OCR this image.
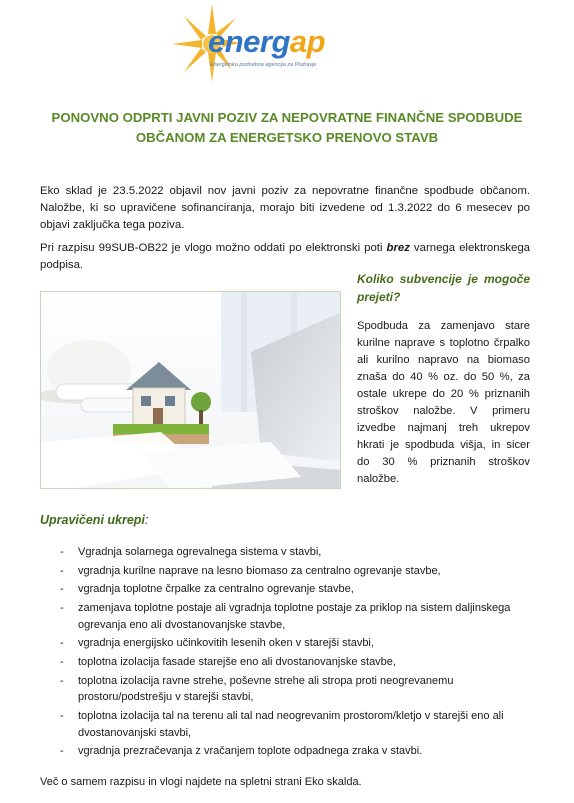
energap
Energetska podnebna agencija za Podravje
PONOVNO ODPRTI JAVNI POZIV ZA NEPOVRATNE FINANČNE SPODBUDE
OBČANOM ZA ENERGETSKO PRENOVO STAVB
Eko sklad je 23.5.2022 objavil nov javni poziv za nepovratne finančne spodbude občanom. Naložbe, ki so upravičene sofinanciranja, morajo biti izvedene od 1.3.2022 do 6 mesecev po objavi zaključka tega poziva.
Pri razpisu 99SUB-OB22 je vlogo možno oddati po elektronski poti brez varnega elektronskega podpisa.
Koliko subvencije je mogoče prejeti?
Spodbuda za zamenjavo stare kurilne naprave s toplotno črpalko ali kurilno napravo na biomaso znaša do 40 % oz. do 50 %, za ostale ukrepe do 20 % priznanih stroškov naložbe. V primeru izvedbe najmanj treh ukrepov hkrati je spodbuda višja, in sicer do 30 % priznanih stroškov naložbe.
Upravičeni ukrepi:
- Vgradnja solarnega ogrevalnega sistema v stavbi,
- vgradnja kurilne naprave na lesno biomaso za centralno ogrevanje stavbe,
- vgradnja toplotne črpalke za centralno ogrevanje stavbe,
- zamenjava toplotne postaje ali vgradnja toplotne postaje za priklop na sistem daljinskega ogrevanja eno ali dvostanovanjske stavbe,
- vgradnja energijsko učinkovitih lesenih oken v starejši stavbi,
- toplotna izolacija fasade starejše eno ali dvostanovanjske stavbe,
- toplotna izolacija ravne strehe, poševne strehe ali stropa proti neogrevanemu prostoru/podstrešju v starejši stavbi,
- toplotna izolacija tal na terenu ali tal nad neogrevanim prostorom/kletjo v starejši eno ali dvostanovanjski stavbi,
- vgradnja prezračevanja z vračanjem toplote odpadnega zraka v stavbi.
Več o samem razpisu in vlogi najdete na spletni strani Eko skalda.
